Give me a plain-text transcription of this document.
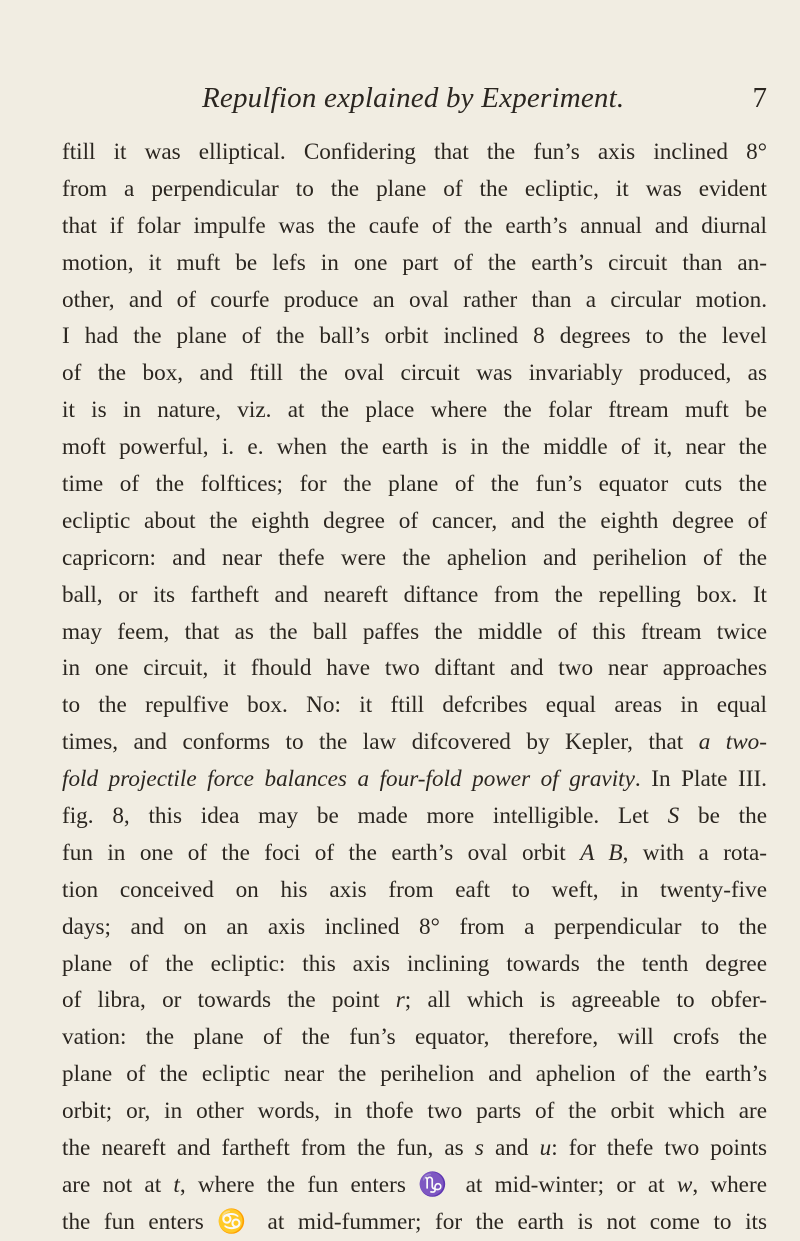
Repulfion explained by Experiment.	7
ftill it was elliptical. Confidering that the fun’s axis inclined 8°
from a perpendicular to the plane of the ecliptic, it was evident
that if folar impulfe was the caufe of the earth’s annual and diurnal
motion, it muft be lefs in one part of the earth’s circuit than an-
other, and of courfe produce an oval rather than a circular motion.
I had the plane of the ball’s orbit inclined 8 degrees to the level
of the box, and ftill the oval circuit was invariably produced, as
it is in nature, viz. at the place where the folar ftream muft be
moft powerful, i. e. when the earth is in the middle of it, near the
time of the folftices; for the plane of the fun’s equator cuts the
ecliptic about the eighth degree of cancer, and the eighth degree of
capricorn: and near thefe were the aphelion and perihelion of the
ball, or its fartheft and neareft diftance from the repelling box. It
may feem, that as the ball paffes the middle of this ftream twice
in one circuit, it fhould have two diftant and two near approaches
to the repulfive box. No: it ftill defcribes equal areas in equal
times, and conforms to the law difcovered by Kepler, that a two-
fold projectile force balances a four-fold power of gravity. In Plate III.
fig. 8, this idea may be made more intelligible. Let S be the
fun in one of the foci of the earth’s oval orbit A B, with a rota-
tion conceived on his axis from eaft to weft, in twenty-five
days; and on an axis inclined 8° from a perpendicular to the
plane of the ecliptic: this axis inclining towards the tenth degree
of libra, or towards the point r; all which is agreeable to obfer-
vation: the plane of the fun’s equator, therefore, will crofs the
plane of the ecliptic near the perihelion and aphelion of the earth’s
orbit; or, in other words, in thofe two parts of the orbit which are
the neareft and fartheft from the fun, as s and u: for thefe two points
are not at t, where the fun enters ♑ at mid-winter; or at w, where
the fun enters ♋ at mid-fummer; for the earth is not come to its
